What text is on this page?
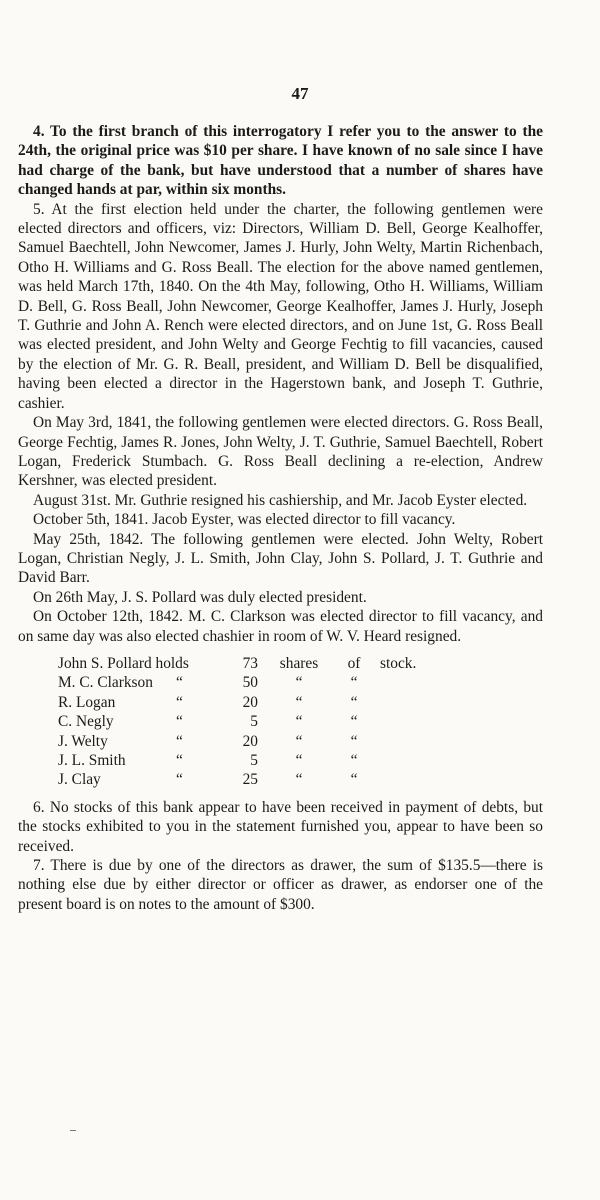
47

4. To the first branch of this interrogatory I refer you to the answer to the 24th, the original price was $10 per share. I have known of no sale since I have had charge of the bank, but have understood that a number of shares have changed hands at par, within six months.

5. At the first election held under the charter, the following gentlemen were elected directors and officers, viz: Directors, William D. Bell, George Kealhoffer, Samuel Baechtell, John Newcomer, James J. Hurly, John Welty, Martin Richenbach, Otho H. Williams and G. Ross Beall. The election for the above named gentlemen, was held March 17th, 1840. On the 4th May, following, Otho H. Williams, William D. Bell, G. Ross Beall, John Newcomer, George Kealhoffer, James J. Hurly, Joseph T. Guthrie and John A. Rench were elected directors, and on June 1st, G. Ross Beall was elected president, and John Welty and George Fechtig to fill vacancies, caused by the election of Mr. G. R. Beall, president, and William D. Bell be disqualified, having been elected a director in the Hagerstown bank, and Joseph T. Guthrie, cashier.

On May 3rd, 1841, the following gentlemen were elected directors. G. Ross Beall, George Fechtig, James R. Jones, John Welty, J. T. Guthrie, Samuel Baechtell, Robert Logan, Frederick Stumbach. G. Ross Beall declining a re-election, Andrew Kershner, was elected president.

August 31st. Mr. Guthrie resigned his cashiership, and Mr. Jacob Eyster elected.

October 5th, 1841. Jacob Eyster, was elected director to fill vacancy.

May 25th, 1842. The following gentlemen were elected. John Welty, Robert Logan, Christian Negly, J. L. Smith, John Clay, John S. Pollard, J. T. Guthrie and David Barr.

On 26th May, J. S. Pollard was duly elected president.

On October 12th, 1842. M. C. Clarkson was elected director to fill vacancy, and on same day was also elected chashier in room of W. V. Heard resigned.

John S. Pollard holds		73	shares	of	stock.
M. C. Clarkson	“	50	“	“	
R. Logan	“	20	“	“	
C. Negly	“	5	“	“	
J. Welty	“	20	“	“	
J. L. Smith	“	5	“	“	
J. Clay	“	25	“	“	

6. No stocks of this bank appear to have been received in payment of debts, but the stocks exhibited to you in the statement furnished you, appear to have been so received.

7. There is due by one of the directors as drawer, the sum of $135.5—there is nothing else due by either director or officer as drawer, as endorser one of the present board is on notes to the amount of $300.
